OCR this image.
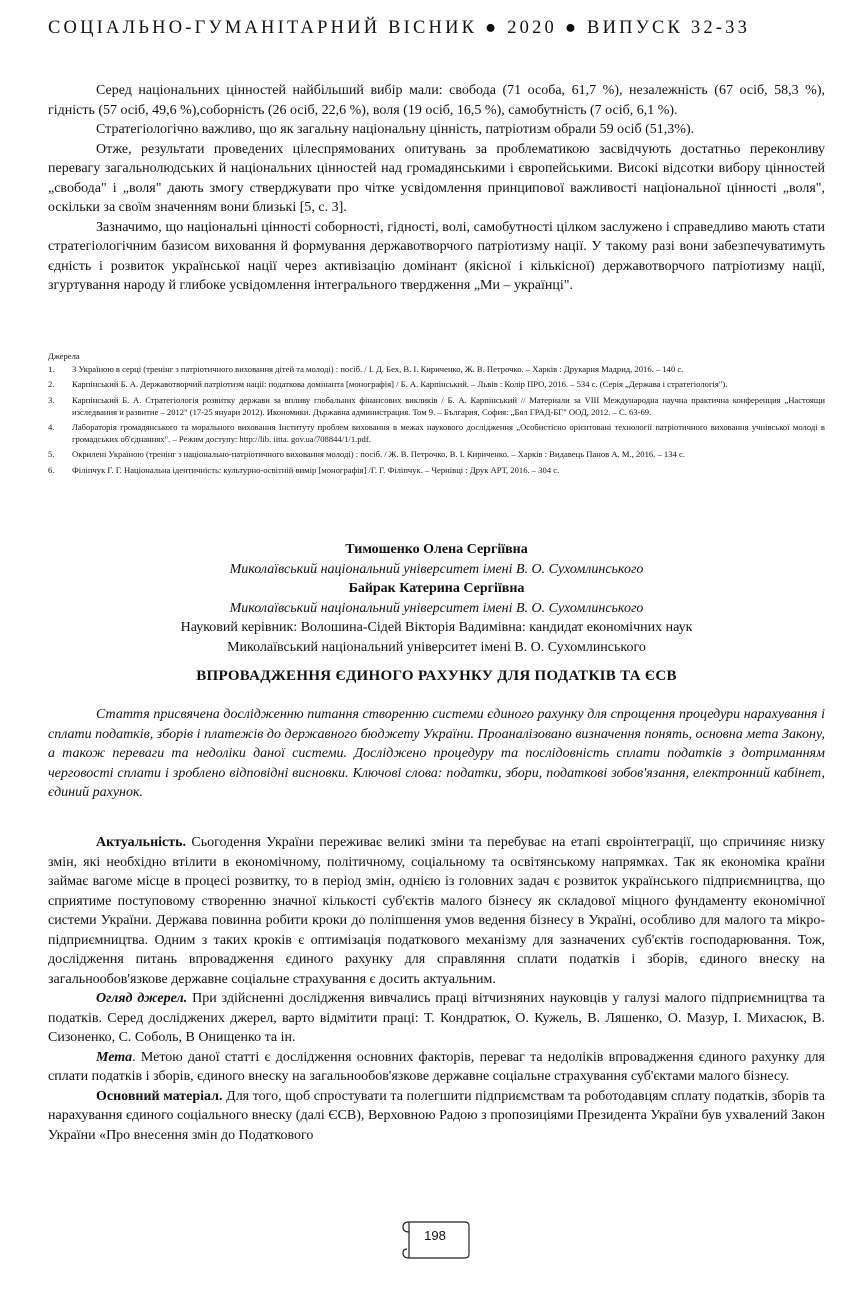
СОЦІАЛЬНО-ГУМАНІТАРНИЙ ВІСНИК ● 2020 ● ВИПУСК 32-33

Серед національних цінностей найбільший вибір мали: свобода (71 особа, 61,7 %), незалежність (67 осіб, 58,3 %), гідність (57 осіб, 49,6 %),соборність (26 осіб, 22,6 %), воля (19 осіб, 16,5 %), самобутність (7 осіб, 6,1 %).

Стратегіологічно важливо, що як загальну національну цінність, патріотизм обрали 59 осіб (51,3%).

Отже, результати проведених цілеспрямованих опитувань за проблематикою засвідчують достатньо переконливу перевагу загальнолюдських й національних цінностей над громадянськими і європейськими. Високі відсотки вибору цінностей „свобода" і „воля" дають змогу стверджувати про чітке усвідомлення принципової важливості національної цінності „воля", оскільки за своїм значенням вони близькі [5, с. 3].

Зазначимо, що національні цінності соборності, гідності, волі, самобутності цілком заслужено і справедливо мають стати стратегіологічним базисом виховання й формування державотворчого патріотизму нації. У такому разі вони забезпечуватимуть єдність і розвиток української нації через активізацію домінант (якісної і кількісної) державотворчого патріотизму нації, згуртування народу й глибоке усвідомлення інтегрального твердження „Ми – українці".

Джерела
1. З Україною в серці (тренінг з патріотичного виховання дітей та молоді) : посіб. / І. Д. Бех, В. І. Кириченко, Ж. В. Петрочко. – Харків : Друкарня Мадрид, 2016. – 140 с.
2. Карпінський Б. А. Державотворчий патріотизм нації: податкова домінанта [монографія] / Б. А. Карпінський. – Львів : Колір ПРО, 2016. – 534 с. (Серія „Держава і стратегіологія").
3. Карпінський Б. А. Стратегіологія розвитку держави за впливу глобальних фінансових викликів / Б. А. Карпінський // Материали за VIII Международна научна практична конференция „Настоящи изследвания и развитие – 2012" (17-25 януари 2012). Икономики. Държавна администрация. Том 9. – България, София: „Бял ГРАД-БГ" ООД, 2012. – С. 63-69.
4. Лабораторія громадянського та морального виховання Інституту проблем виховання в межах наукового дослідження „Особистісно орієнтовані технології патріотичного виховання учнівської молоді в громадських об'єднаннях". – Режим доступу: http://lib. iitta. gov.ua/708844/1/1.pdf.
5. Окрилені Україною (тренінг з національно-патріотичного виховання молоді) : посіб. / Ж. В. Петрочко, В. І. Кириченко. – Харків : Видавець Панов А. М., 2016. – 134 с.
6. Філіпчук Г. Г. Національна ідентичність: культурно-освітній вимір [монографія] /Г. Г. Філіпчук. – Чернівці : Друк АРТ, 2016. – 304 с.
Тимошенко Олена Сергіївна
Миколаївський національний університет імені В. О. Сухомлинського
Байрак Катерина Сергіївна
Миколаївський національний університет імені В. О. Сухомлинського
Науковий керівник: Волошина-Сідей Вікторія Вадимівна: кандидат економічних наук
Миколаївський національний університет імені В. О. Сухомлинського
ВПРОВАДЖЕННЯ ЄДИНОГО РАХУНКУ ДЛЯ ПОДАТКІВ ТА ЄСВ

Стаття присвячена дослідженню питання створенню системи єдиного рахунку для спрощення процедури нарахування і сплати податків, зборів і платежів до державного бюджету України. Проаналізовано визначення понять, основна мета Закону, а також переваги та недоліки даної системи. Досліджено процедуру та послідовність сплати податків з дотриманням черговості сплати і зроблено відповідні висновки. Ключові слова: податки, збори, податкові зобов'язання, електронний кабінет, єдиний рахунок.

Актуальність. Сьогодення України переживає великі зміни та перебуває на етапі євроінтеграції, що спричиняє низку змін, які необхідно втілити в економічному, політичному, соціальному та освітянському напрямках. Так як економіка країни займає вагоме місце в процесі розвитку, то в період змін, однією із головних задач є розвиток українського підприємництва, що сприятиме поступовому створенню значної кількості суб'єктів малого бізнесу як складової міцного фундаменту економічної системи України. Держава повинна робити кроки до поліпшення умов ведення бізнесу в Україні, особливо для малого та мікро-підприємництва. Одним з таких кроків є оптимізація податкового механізму для зазначених суб'єктів господарювання. Тож, дослідження питань впровадження єдиного рахунку для справляння сплати податків і зборів, єдиного внеску на загальнообов'язкове державне соціальне страхування є досить актуальним.

Огляд джерел. При здійсненні дослідження вивчались праці вітчизняних науковців у галузі малого підприємництва та податків. Серед досліджених джерел, варто відмітити праці: Т. Кондратюк, О. Кужель, В. Ляшенко, О. Мазур, І. Михасюк, В. Сизоненко, С. Соболь, В Онищенко та ін.

Мета. Метою даної статті є дослідження основних факторів, переваг та недоліків впровадження єдиного рахунку для сплати податків і зборів, єдиного внеску на загальнообов'язкове державне соціальне страхування суб'єктами малого бізнесу.

Основний матеріал. Для того, щоб спростувати та полегшити підприємствам та роботодавцям сплату податків, зборів та нарахування єдиного соціального внеску (далі ЄСВ), Верховною Радою з пропозиціями Президента України був ухвалений Закон України «Про внесення змін до Податкового

198
